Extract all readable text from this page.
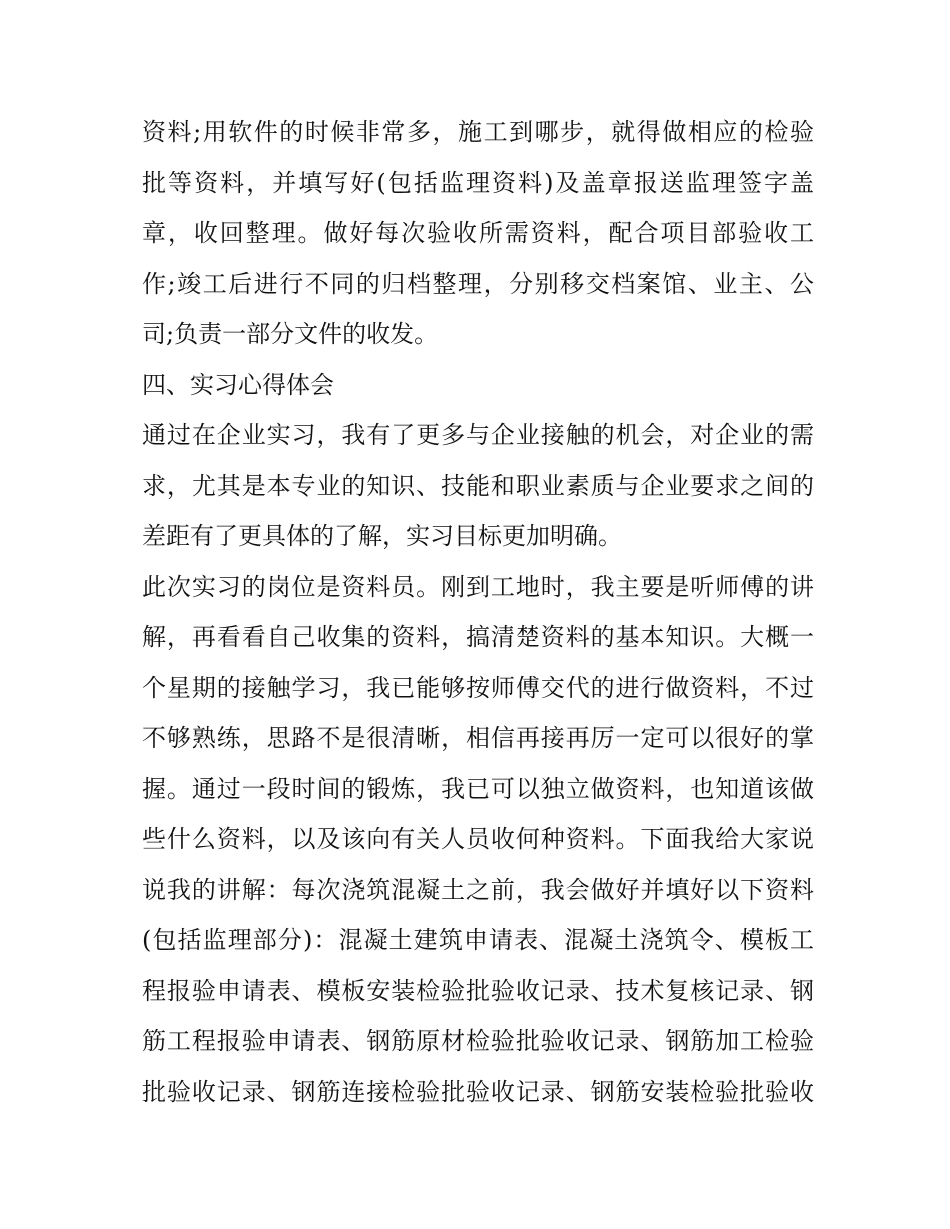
资料;用软件的时候非常多，施工到哪步，就得做相应的检验
批等资料，并填写好(包括监理资料)及盖章报送监理签字盖
章，收回整理。做好每次验收所需资料，配合项目部验收工
作;竣工后进行不同的归档整理，分别移交档案馆、业主、公
司;负责一部分文件的收发。
四、实习心得体会
通过在企业实习，我有了更多与企业接触的机会，对企业的需
求，尤其是本专业的知识、技能和职业素质与企业要求之间的
差距有了更具体的了解，实习目标更加明确。
此次实习的岗位是资料员。刚到工地时，我主要是听师傅的讲
解，再看看自己收集的资料，搞清楚资料的基本知识。大概一
个星期的接触学习，我已能够按师傅交代的进行做资料，不过
不够熟练，思路不是很清晰，相信再接再厉一定可以很好的掌
握。通过一段时间的锻炼，我已可以独立做资料，也知道该做
些什么资料，以及该向有关人员收何种资料。下面我给大家说
说我的讲解：每次浇筑混凝土之前，我会做好并填好以下资料
(包括监理部分)：混凝土建筑申请表、混凝土浇筑令、模板工
程报验申请表、模板安装检验批验收记录、技术复核记录、钢
筋工程报验申请表、钢筋原材检验批验收记录、钢筋加工检验
批验收记录、钢筋连接检验批验收记录、钢筋安装检验批验收
